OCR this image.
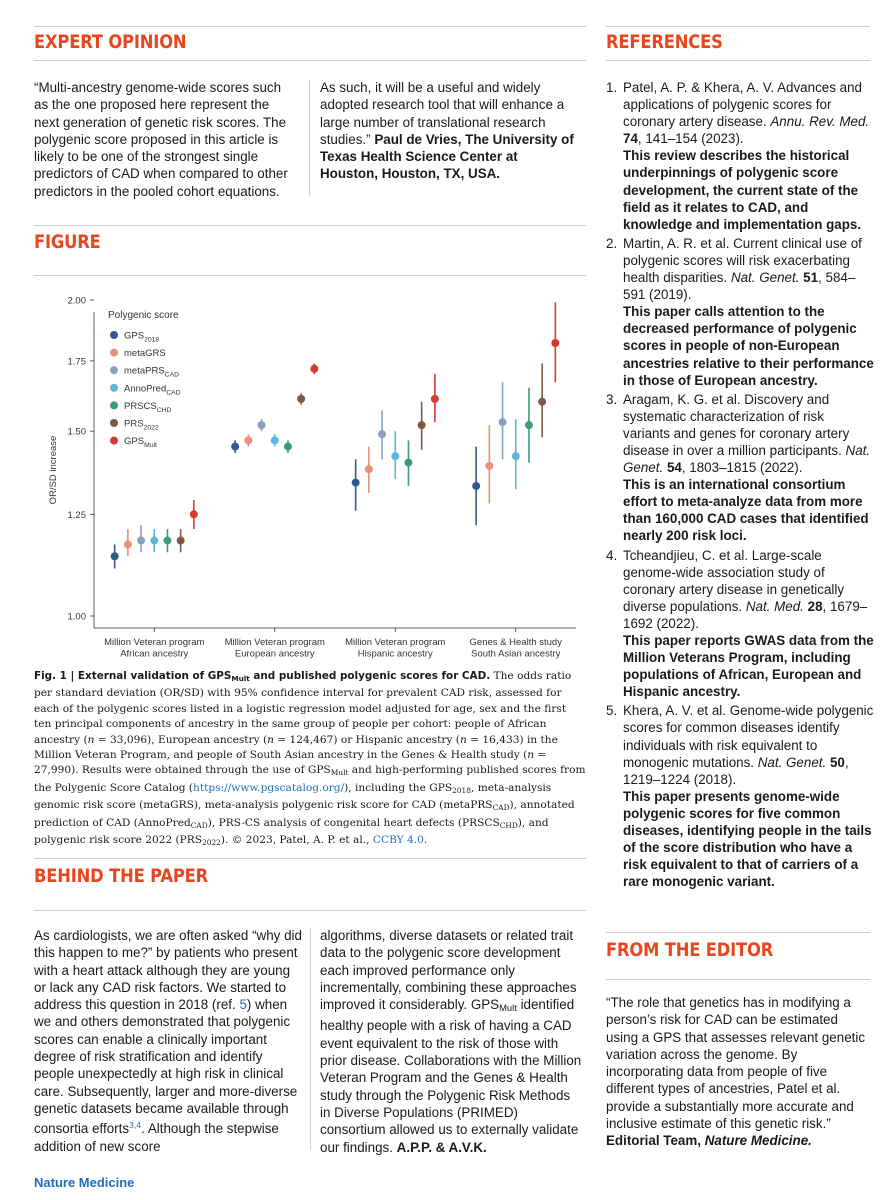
EXPERT OPINION
“Multi-ancestry genome-wide scores such as the one proposed here represent the next generation of genetic risk scores. The polygenic score proposed in this article is likely to be one of the strongest single predictors of CAD when compared to other predictors in the pooled cohort equations.
As such, it will be a useful and widely adopted research tool that will enhance a large number of translational research studies.” Paul de Vries, The University of Texas Health Science Center at Houston, Houston, TX, USA.
FIGURE
1.00
1.25
1.50
1.75
2.00
OR/SD increase
Million Veteran program
African ancestry
Million Veteran program
European ancestry
Million Veteran program
Hispanic ancestry
Genes & Health study
South Asian ancestry
Polygenic score
$GPS_{2018}$
metaGRS
metaPRS$_{CAD}$
AnnoPred$_{CAD}$
$PRSCS_{CHD}$
$PRS_{2022}$
$GPS_{Mult}$
Fig. 1 | External validation of $GPS_{Mult}$ and published polygenic scores for CAD. The odds ratio per standard deviation (OR/SD) with 95% confidence interval for prevalent CAD risk, assessed for each of the polygenic scores listed in a logistic regression model adjusted for age, sex and the first ten principal components of ancestry in the same group of people per cohort: people of African ancestry (n = 33,096), European ancestry (n = 124,467) or Hispanic ancestry (n = 16,433) in the Million Veteran Program, and people of South Asian ancestry in the Genes & Health study (n = 27,990). Results were obtained through the use of $GPS_{Mult}$ and high-performing published scores from the Polygenic Score Catalog (https://www.pgscatalog.org/), including the $GPS_{2018}$, meta-analysis genomic risk score (metaGRS), meta-analysis polygenic risk score for CAD (metaPRS$_{CAD}$), annotated prediction of CAD (AnnoPred$_{CAD}$), PRS-CS analysis of congenital heart defects $(PRSCS_{CHD})$, and polygenic risk score 2022 $(PRS_{2022})$. © 2023, Patel, A. P. et al., CCBY 4.0.
BEHIND THE PAPER
As cardiologists, we are often asked “why did this happen to me?” by patients who present with a heart attack although they are young or lack any CAD risk factors. We started to address this question in 2018 (ref. 5) when we and others demonstrated that polygenic scores can enable a clinically important degree of risk stratification and identify people unexpectedly at high risk in clinical care. Subsequently, larger and more-diverse genetic datasets became available through consortia efforts$^{3,4}$. Although the stepwise addition of new score
algorithms, diverse datasets or related trait data to the polygenic score development each improved performance only incrementally, combining these approaches improved it considerably. $GPS_{Mult}$ identified healthy people with a risk of having a CAD event equivalent to the risk of those with prior disease. Collaborations with the Million Veteran Program and the Genes & Health study through the Polygenic Risk Methods in Diverse Populations (PRIMED) consortium allowed us to externally validate our findings. A.P.P. & A.V.K.
Nature Medicine
REFERENCES
1. Patel, A. P. & Khera, A. V. Advances and applications of polygenic scores for coronary artery disease. Annu. Rev. Med. 74, 141–154 (2023).
This review describes the historical underpinnings of polygenic score development, the current state of the field as it relates to CAD, and knowledge and implementation gaps.
2. Martin, A. R. et al. Current clinical use of polygenic scores will risk exacerbating health disparities. Nat. Genet. 51, 584–591 (2019).
This paper calls attention to the decreased performance of polygenic scores in people of non-European ancestries relative to their performance in those of European ancestry.
3. Aragam, K. G. et al. Discovery and systematic characterization of risk variants and genes for coronary artery disease in over a million participants. Nat. Genet. 54, 1803–1815 (2022).
This is an international consortium effort to meta-analyze data from more than 160,000 CAD cases that identified nearly 200 risk loci.
4. Tcheandjieu, C. et al. Large-scale genome-wide association study of coronary artery disease in genetically diverse populations. Nat. Med. 28, 1679–1692 (2022).
This paper reports GWAS data from the Million Veterans Program, including populations of African, European and Hispanic ancestry.
5. Khera, A. V. et al. Genome-wide polygenic scores for common diseases identify individuals with risk equivalent to monogenic mutations. Nat. Genet. 50, 1219–1224 (2018).
This paper presents genome-wide polygenic scores for five common diseases, identifying people in the tails of the score distribution who have a risk equivalent to that of carriers of a rare monogenic variant.
FROM THE EDITOR
“The role that genetics has in modifying a person’s risk for CAD can be estimated using a GPS that assesses relevant genetic variation across the genome. By incorporating data from people of five different types of ancestries, Patel et al. provide a substantially more accurate and inclusive estimate of this genetic risk.” Editorial Team, Nature Medicine.
